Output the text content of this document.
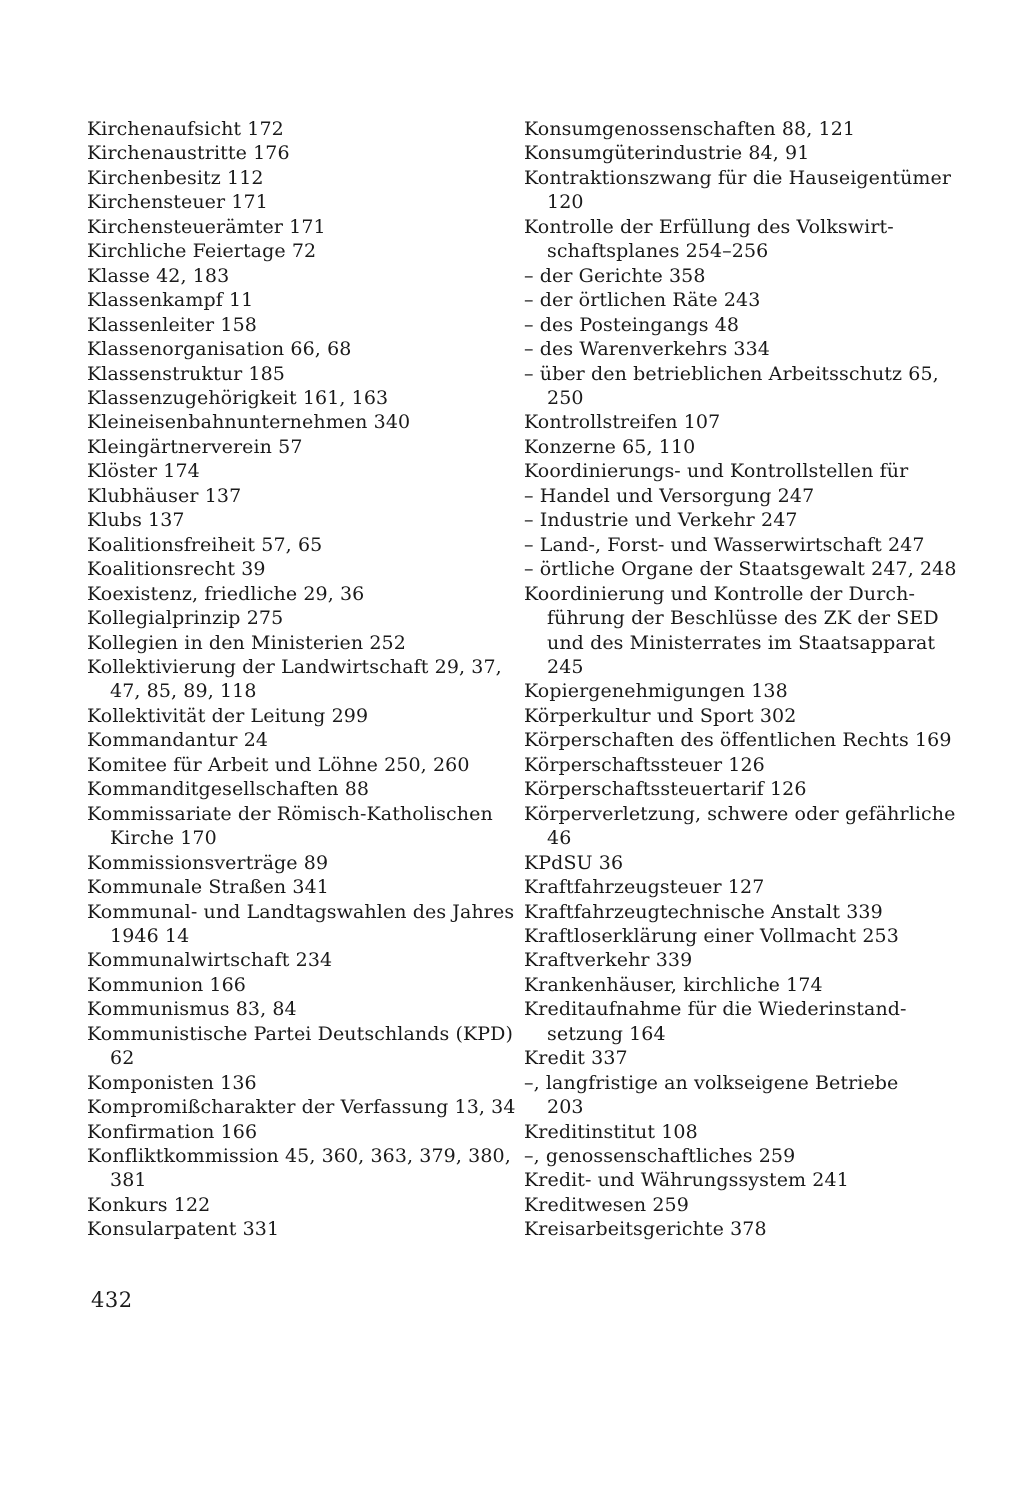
Kirchenaufsicht 172
Kirchenaustritte 176
Kirchenbesitz 112
Kirchensteuer 171
Kirchensteuerämter 171
Kirchliche Feiertage 72
Klasse 42, 183
Klassenkampf 11
Klassenleiter 158
Klassenorganisation 66, 68
Klassenstruktur 185
Klassenzugehörigkeit 161, 163
Kleineisenbahnunternehmen 340
Kleingärtnerverein 57
Klöster 174
Klubhäuser 137
Klubs 137
Koalitionsfreiheit 57, 65
Koalitionsrecht 39
Koexistenz, friedliche 29, 36
Kollegialprinzip 275
Kollegien in den Ministerien 252
Kollektivierung der Landwirtschaft 29, 37,
47, 85, 89, 118
Kollektivität der Leitung 299
Kommandantur 24
Komitee für Arbeit und Löhne 250, 260
Kommanditgesellschaften 88
Kommissariate der Römisch-Katholischen
Kirche 170
Kommissionsverträge 89
Kommunale Straßen 341
Kommunal- und Landtagswahlen des Jahres
1946 14
Kommunalwirtschaft 234
Kommunion 166
Kommunismus 83, 84
Kommunistische Partei Deutschlands (KPD)
62
Komponisten 136
Kompromißcharakter der Verfassung 13, 34
Konfirmation 166
Konfliktkommission 45, 360, 363, 379, 380,
381
Konkurs 122
Konsularpatent 331
Konsumgenossenschaften 88, 121
Konsumgüterindustrie 84, 91
Kontraktionszwang für die Hauseigentümer
120
Kontrolle der Erfüllung des Volkswirt-
schaftsplanes 254–256
– der Gerichte 358
– der örtlichen Räte 243
– des Posteingangs 48
– des Warenverkehrs 334
– über den betrieblichen Arbeitsschutz 65,
250
Kontrollstreifen 107
Konzerne 65, 110
Koordinierungs- und Kontrollstellen für
– Handel und Versorgung 247
– Industrie und Verkehr 247
– Land-, Forst- und Wasserwirtschaft 247
– örtliche Organe der Staatsgewalt 247, 248
Koordinierung und Kontrolle der Durch-
führung der Beschlüsse des ZK der SED
und des Ministerrates im Staatsapparat
245
Kopiergenehmigungen 138
Körperkultur und Sport 302
Körperschaften des öffentlichen Rechts 169
Körperschaftssteuer 126
Körperschaftssteuertarif 126
Körperverletzung, schwere oder gefährliche
46
KPdSU 36
Kraftfahrzeugsteuer 127
Kraftfahrzeugtechnische Anstalt 339
Kraftloserklärung einer Vollmacht 253
Kraftverkehr 339
Krankenhäuser, kirchliche 174
Kreditaufnahme für die Wiederinstand-
setzung 164
Kredit 337
–, langfristige an volkseigene Betriebe
203
Kreditinstitut 108
–, genossenschaftliches 259
Kredit- und Währungssystem 241
Kreditwesen 259
Kreisarbeitsgerichte 378
432
